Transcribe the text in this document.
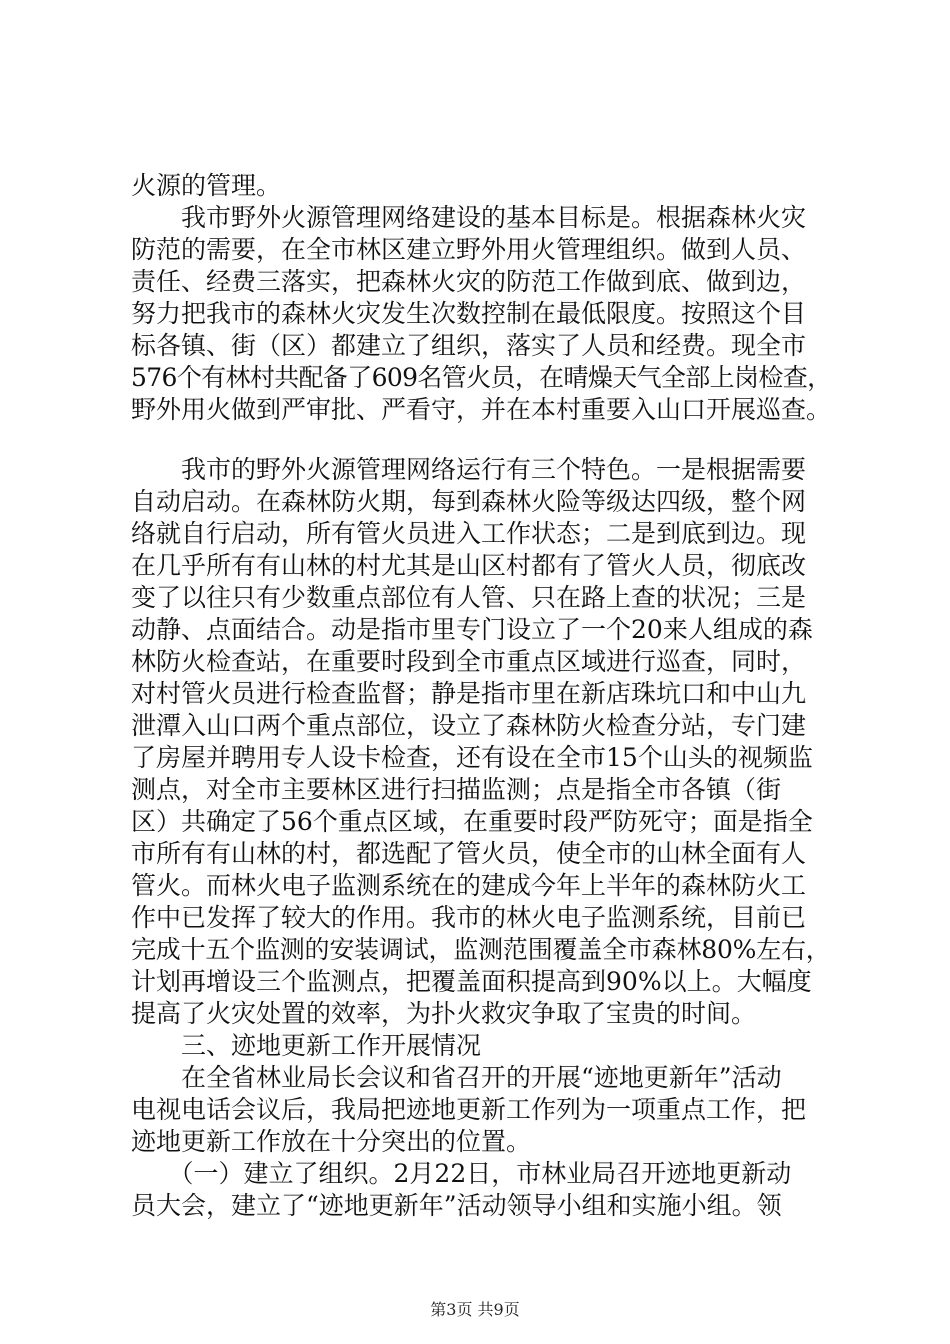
火源的管理。
　　我市野外火源管理网络建设的基本目标是。根据森林火灾
防范的需要，在全市林区建立野外用火管理组织。做到人员、
责任、经费三落实，把森林火灾的防范工作做到底、做到边，
努力把我市的森林火灾发生次数控制在最低限度。按照这个目
标各镇、街（区）都建立了组织，落实了人员和经费。现全市
576个有林村共配备了609名管火员，在晴燥天气全部上岗检查，
野外用火做到严审批、严看守，并在本村重要入山口开展巡查。
　　我市的野外火源管理网络运行有三个特色。一是根据需要
自动启动。在森林防火期，每到森林火险等级达四级，整个网
络就自行启动，所有管火员进入工作状态；二是到底到边。现
在几乎所有有山林的村尤其是山区村都有了管火人员，彻底改
变了以往只有少数重点部位有人管、只在路上查的状况；三是
动静、点面结合。动是指市里专门设立了一个20来人组成的森
林防火检查站，在重要时段到全市重点区域进行巡查，同时，
对村管火员进行检查监督；静是指市里在新店珠坑口和中山九
泄潭入山口两个重点部位，设立了森林防火检查分站，专门建
了房屋并聘用专人设卡检查，还有设在全市15个山头的视频监
测点，对全市主要林区进行扫描监测；点是指全市各镇（街
区）共确定了56个重点区域，在重要时段严防死守；面是指全
市所有有山林的村，都选配了管火员，使全市的山林全面有人
管火。而林火电子监测系统在的建成今年上半年的森林防火工
作中已发挥了较大的作用。我市的林火电子监测系统，目前已
完成十五个监测的安装调试，监测范围覆盖全市森林80%左右，
计划再增设三个监测点，把覆盖面积提高到90%以上。大幅度
提高了火灾处置的效率，为扑火救灾争取了宝贵的时间。
　　三、迹地更新工作开展情况
　　在全省林业局长会议和省召开的开展“迹地更新年”活动
电视电话会议后，我局把迹地更新工作列为一项重点工作，把
迹地更新工作放在十分突出的位置。
　　（一）建立了组织。2月22日，市林业局召开迹地更新动
员大会，建立了“迹地更新年”活动领导小组和实施小组。领
第3页 共9页
